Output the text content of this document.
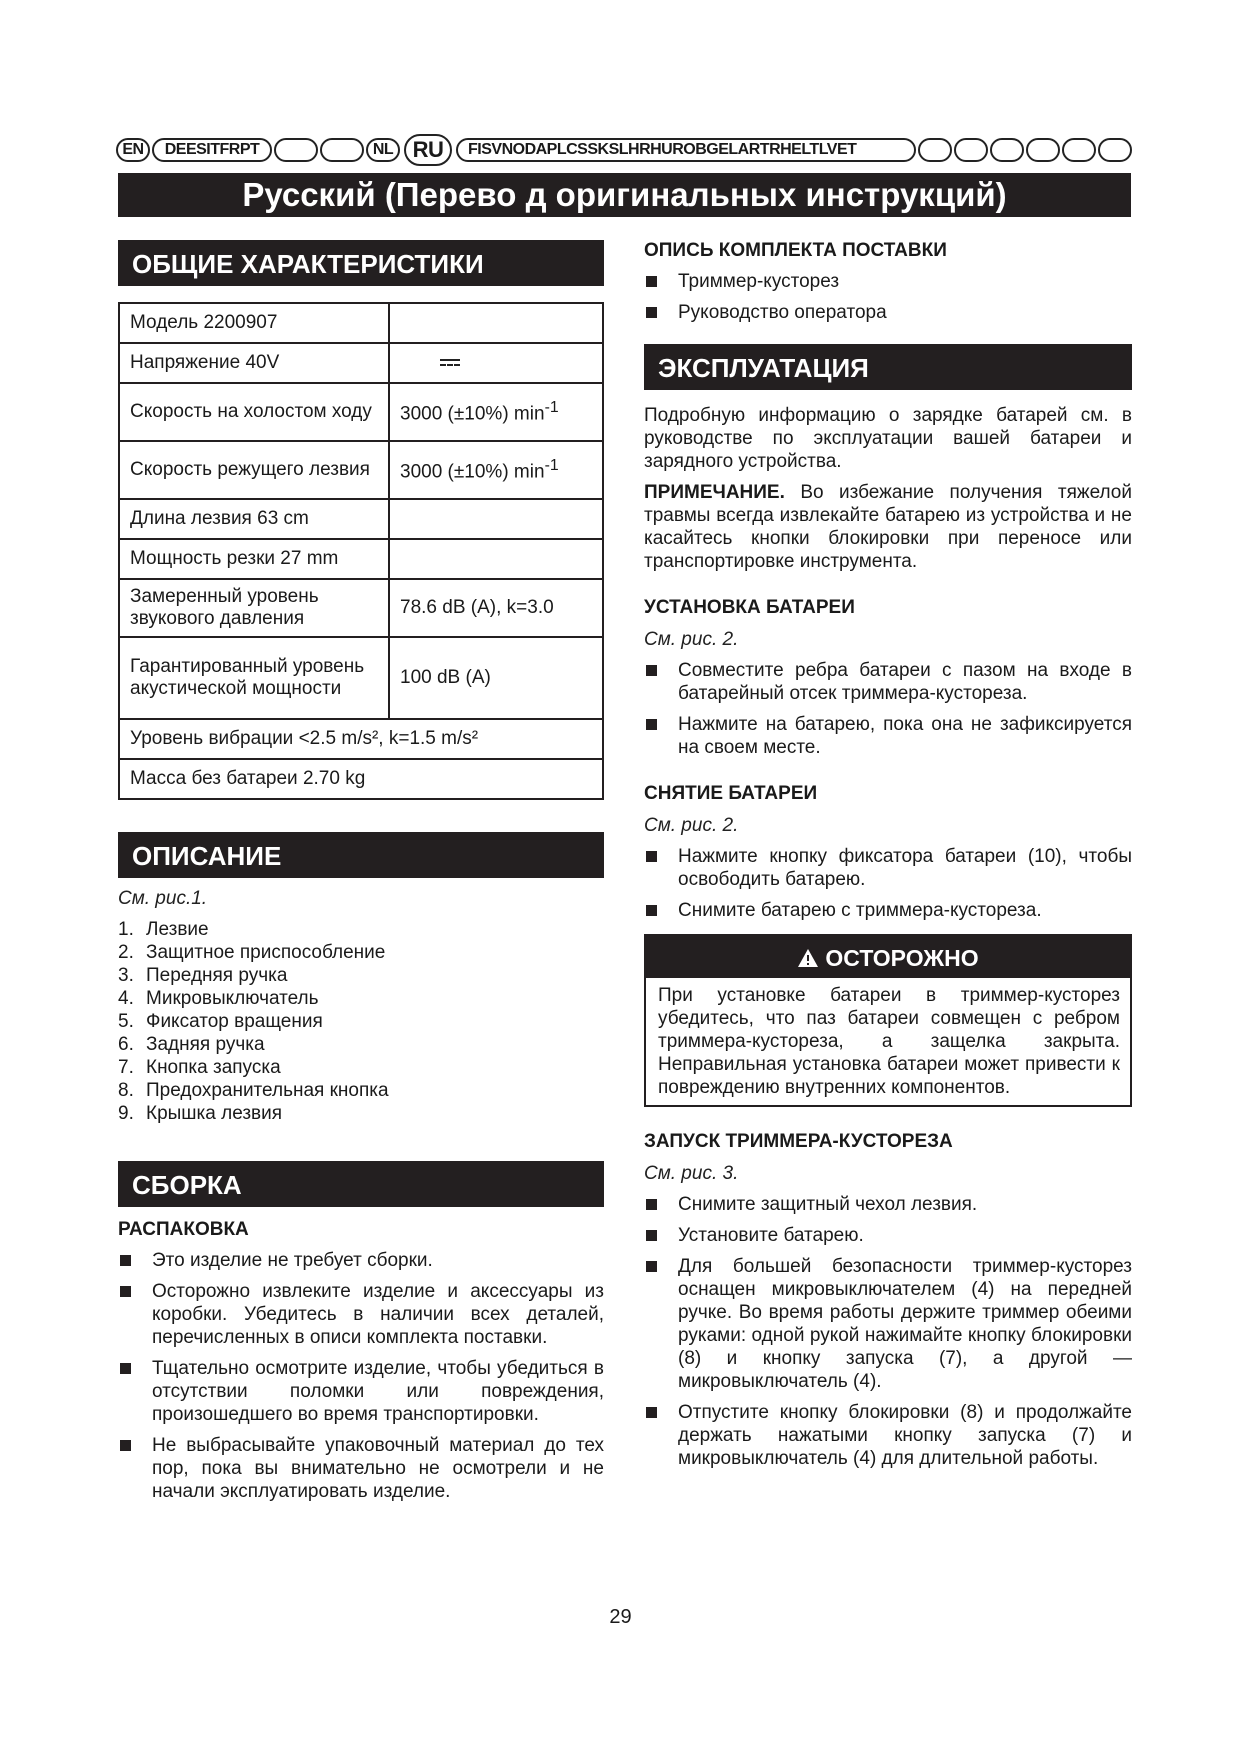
EN	DEESITFRPT	NL RU	FISVNODAPLCSSKSLHRHUROBGELARTRHELTLVET
Русский (Перево д оригинальных инструкций)
ОБЩИЕ ХАРАКТЕРИСТИКИ
Модель 2200907	
Напряжение 40V	
Скорость на холостом ходу	3000 (±10%) $\min^{-1}$
Скорость режущего лезвия	3000 (±10%) $\min^{-1}$
Длина лезвия 63 cm	
Мощность резки 27 mm	
Замеренный уровень звукового давления	78.6 dB (A), k=3.0
Гарантированный уровень акустической мощности	100 dB (A)
Уровень вибрации <2.5 m/s², k=1.5 m/s²	
Масса без батареи 2.70 kg	
ОПИСАНИЕ

См. рис.1.

1. Лезвие
2. Защитное приспособление
3. Передняя ручка
4. Микровыключатель
5. Фиксатор вращения
6. Задняя ручка
7. Кнопка запуска
8. Предохранительная кнопка
9. Крышка лезвия
СБОРКА

РАСПАКОВКА

Это изделие не требует сборки.
Осторожно извлеките изделие и аксессуары из коробки. Убедитесь в наличии всех деталей, перечисленных в описи комплекта поставки.
Тщательно осмотрите изделие, чтобы убедиться в отсутствии поломки или повреждения, произошедшего во время транспортировки.
Не выбрасывайте упаковочный материал до тех пор, пока вы внимательно не осмотрели и не начали эксплуатировать изделие.

ОПИСЬ КОМПЛЕКТА ПОСТАВКИ

Триммер-кусторез
Руководство оператора
ЭКСПЛУАТАЦИЯ

Подробную информацию о зарядке батарей см. в руководстве по эксплуатации вашей батареи и зарядного устройства.

ПРИМЕЧАНИЕ. Во избежание получения тяжелой травмы всегда извлекайте батарею из устройства и не касайтесь кнопки блокировки при переносе или транспортировке инструмента.

УСТАНОВКА БАТАРЕИ

См. рис. 2.

Совместите ребра батареи с пазом на входе в батарейный отсек триммера-кустореза.
Нажмите на батарею, пока она не зафиксируется на своем месте.

СНЯТИЕ БАТАРЕИ

См. рис. 2.

Нажмите кнопку фиксатора батареи (10), чтобы освободить батарею.
Снимите батарею с триммера-кустореза.
ОСТОРОЖНО
При установке батареи в триммер-кусторез убедитесь, что паз батареи совмещен с ребром триммера-кустореза, а защелка закрыта. Неправильная установка батареи может привести к повреждению внутренних компонентов.

ЗАПУСК ТРИММЕРА-КУСТОРЕЗА

См. рис. 3.

Снимите защитный чехол лезвия.
Установите батарею.
Для большей безопасности триммер-кусторез оснащен микровыключателем (4) на передней ручке. Во время работы держите триммер обеими руками: одной рукой нажимайте кнопку блокировки (8) и кнопку запуска (7), а другой — микровыключатель (4).
Отпустите кнопку блокировки (8) и продолжайте держать нажатыми кнопку запуска (7) и микровыключатель (4) для длительной работы.
29
